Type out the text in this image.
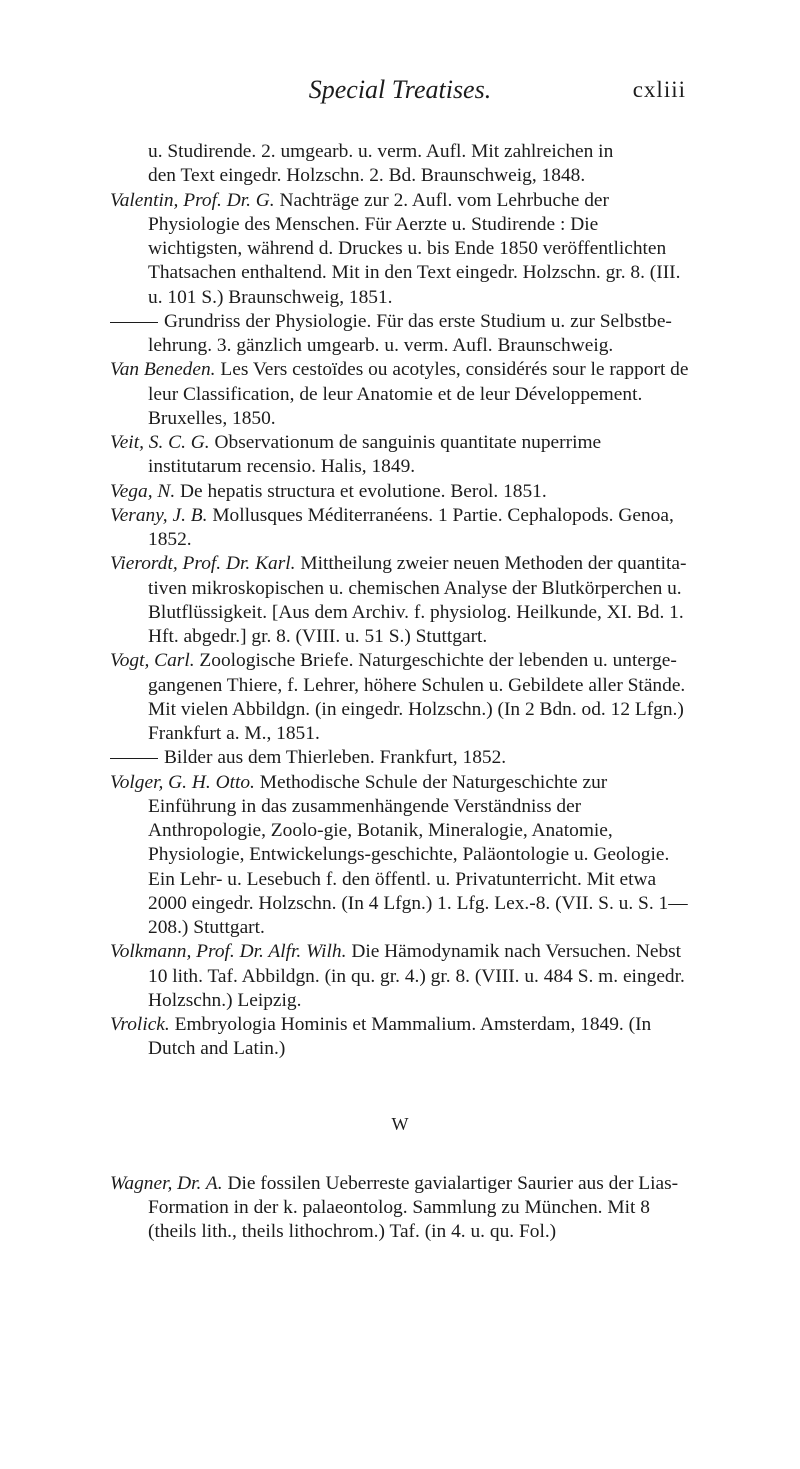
Special Treatises.	cxliii

u. Studirende. 2. umgearb. u. verm. Aufl. Mit zahlreichen in
den Text eingedr. Holzschn. 2. Bd. Braunschweig, 1848.

Valentin, Prof. Dr. G. Nachträge zur 2. Aufl. vom Lehrbuche der Physiologie des Menschen. Für Aerzte u. Studirende : Die wichtigsten, während d. Druckes u. bis Ende 1850 veröffentlichten Thatsachen enthaltend. Mit in den Text eingedr. Holzschn. gr. 8. (III. u. 101 S.) Braunschweig, 1851.

Grundriss der Physiologie. Für das erste Studium u. zur Selbstbe-lehrung. 3. gänzlich umgearb. u. verm. Aufl. Braunschweig.

Van Beneden. Les Vers cestoïdes ou acotyles, considérés sour le rapport de leur Classification, de leur Anatomie et de leur Développement. Bruxelles, 1850.

Veit, S. C. G. Observationum de sanguinis quantitate nuperrime institutarum recensio. Halis, 1849.

Vega, N. De hepatis structura et evolutione. Berol. 1851.

Verany, J. B. Mollusques Méditerranéens. 1 Partie. Cephalopods. Genoa, 1852.

Vierordt, Prof. Dr. Karl. Mittheilung zweier neuen Methoden der quantita-tiven mikroskopischen u. chemischen Analyse der Blutkörperchen u. Blutflüssigkeit. [Aus dem Archiv. f. physiolog. Heilkunde, XI. Bd. 1. Hft. abgedr.] gr. 8. (VIII. u. 51 S.) Stuttgart.

Vogt, Carl. Zoologische Briefe. Naturgeschichte der lebenden u. unterge-gangenen Thiere, f. Lehrer, höhere Schulen u. Gebildete aller Stände. Mit vielen Abbildgn. (in eingedr. Holzschn.) (In 2 Bdn. od. 12 Lfgn.) Frankfurt a. M., 1851.

Bilder aus dem Thierleben. Frankfurt, 1852.

Volger, G. H. Otto. Methodische Schule der Naturgeschichte zur Einführung in das zusammenhängende Verständniss der Anthropologie, Zoolo-gie, Botanik, Mineralogie, Anatomie, Physiologie, Entwickelungs-geschichte, Paläontologie u. Geologie. Ein Lehr- u. Lesebuch f. den öffentl. u. Privatunterricht. Mit etwa 2000 eingedr. Holzschn. (In 4 Lfgn.) 1. Lfg. Lex.-8. (VII. S. u. S. 1—208.) Stuttgart.

Volkmann, Prof. Dr. Alfr. Wilh. Die Hämodynamik nach Versuchen. Nebst 10 lith. Taf. Abbildgn. (in qu. gr. 4.) gr. 8. (VIII. u. 484 S. m. eingedr. Holzschn.) Leipzig.

Vrolick. Embryologia Hominis et Mammalium. Amsterdam, 1849. (In Dutch and Latin.)

W

Wagner, Dr. A. Die fossilen Ueberreste gavialartiger Saurier aus der Lias-Formation in der k. palaeontolog. Sammlung zu München. Mit 8 (theils lith., theils lithochrom.) Taf. (in 4. u. qu. Fol.)
